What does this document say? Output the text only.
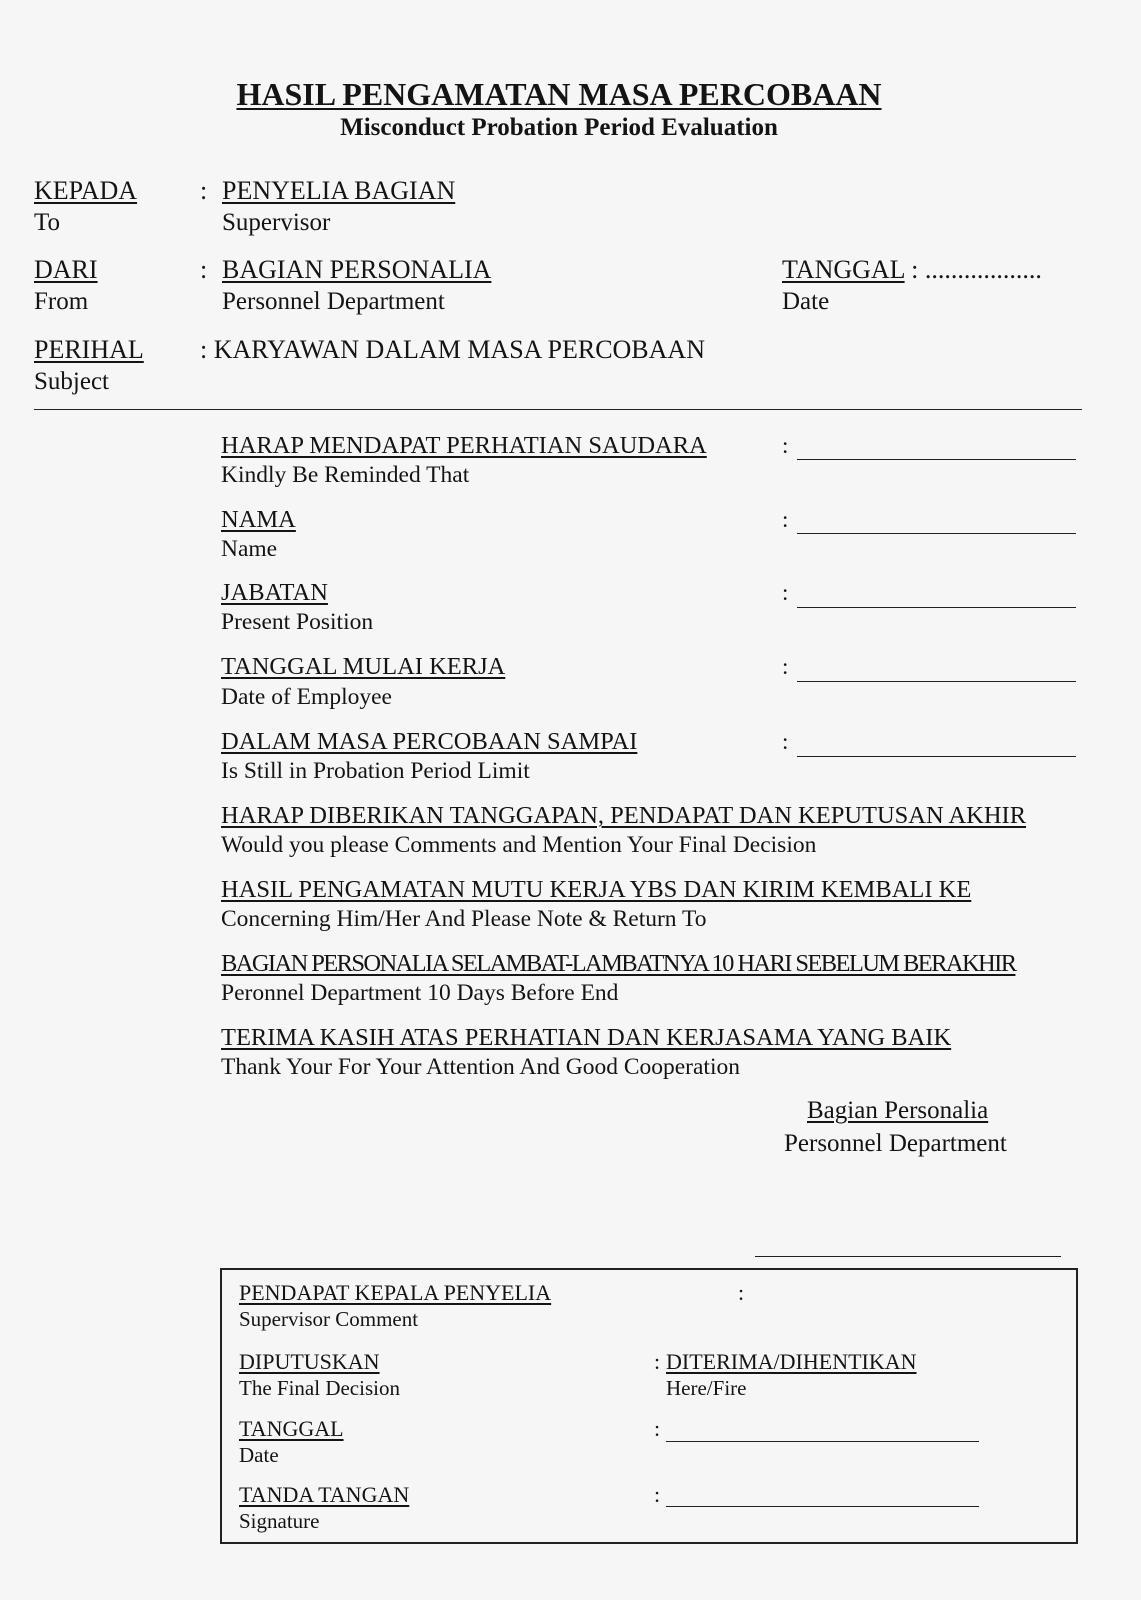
HASIL PENGAMATAN MASA PERCOBAAN
Misconduct Probation Period Evaluation
KEPADA
To
: PENYELIA BAGIAN
Supervisor
DARI
From
: BAGIAN PERSONALIA
Personnel Department
TANGGAL : ..................
Date
PERIHAL
Subject
: KARYAWAN DALAM MASA PERCOBAAN
HARAP MENDAPAT PERHATIAN SAUDARA
Kindly Be Reminded That
:
NAMA
Name
:
JABATAN
Present Position
:
TANGGAL MULAI KERJA
Date of Employee
:
DALAM MASA PERCOBAAN SAMPAI
Is Still in Probation Period Limit
:
HARAP DIBERIKAN TANGGAPAN, PENDAPAT DAN KEPUTUSAN AKHIR
Would you please Comments and Mention Your Final Decision
HASIL PENGAMATAN MUTU KERJA YBS DAN KIRIM KEMBALI KE
Concerning Him/Her And Please Note & Return To
BAGIAN PERSONALIA SELAMBAT-LAMBATNYA 10 HARI SEBELUM BERAKHIR
Peronnel Department 10 Days Before End
TERIMA KASIH ATAS PERHATIAN DAN KERJASAMA YANG BAIK
Thank Your For Your Attention And Good Cooperation
Bagian Personalia
Personnel Department
PENDAPAT KEPALA PENYELIA
Supervisor Comment
:
DIPUTUSKAN
The Final Decision
: DITERIMA/DIHENTIKAN
Here/Fire
TANGGAL
Date
:
TANDA TANGAN
Signature
:
